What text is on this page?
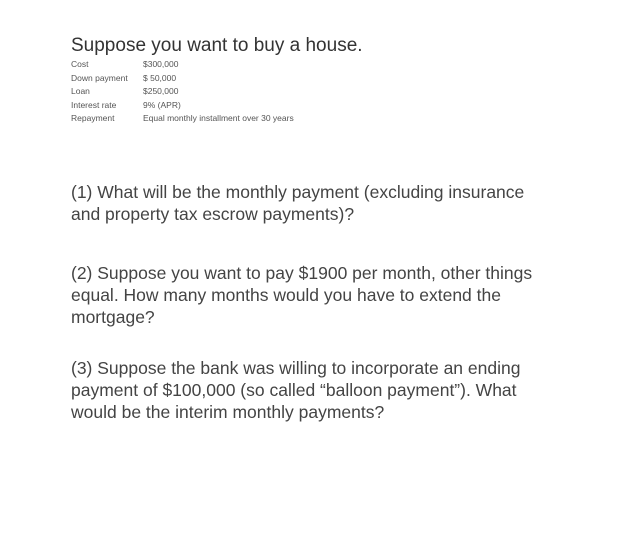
Suppose you want to buy a house.
Cost	$300,000
Down payment	$ 50,000
Loan	$250,000
Interest rate	9% (APR)
Repayment	Equal monthly installment over 30 years
(1) What will be the monthly payment (excluding insurance and property tax escrow payments)?
(2) Suppose you want to pay $1900 per month, other things equal. How many months would you have to extend the mortgage?
(3) Suppose the bank was willing to incorporate an ending payment of $100,000 (so called “balloon payment”). What would be the interim monthly payments?
